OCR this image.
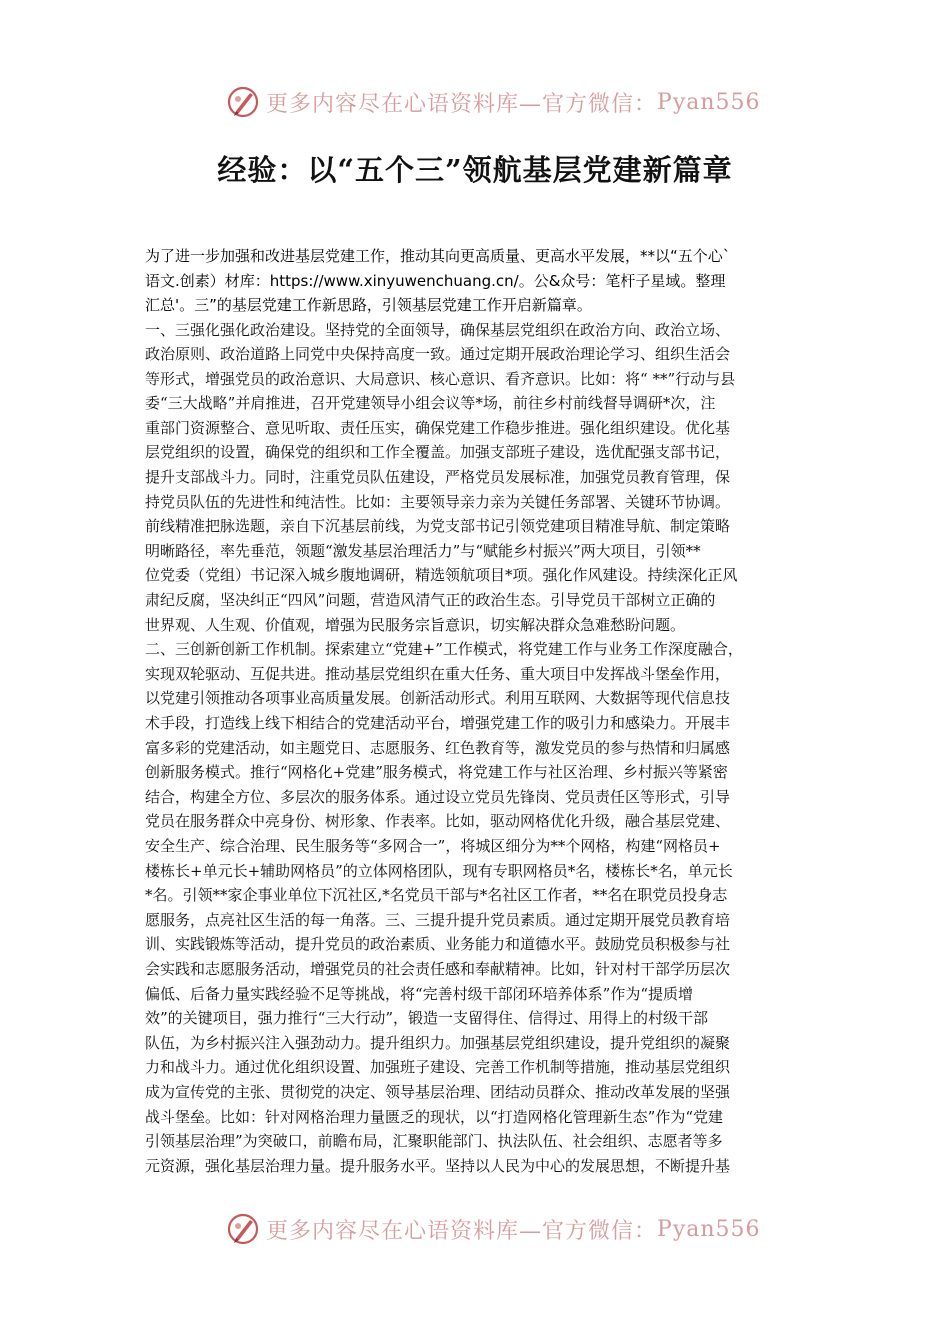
更多内容尽在心语资料库—官方微信： Pyan556
经验：以“五个三”领航基层党建新篇章

为了进一步加强和改进基层党建工作，推动其向更高质量、更高水平发展，**以“五个心`
语文.创素）材库：https://www.xinyuwenchuang.cn/。公&众号：笔杆子星域。整理
汇总'。三”的基层党建工作新思路，引领基层党建工作开启新篇章。

一、三强化强化政治建设。坚持党的全面领导，确保基层党组织在政治方向、政治立场、
政治原则、政治道路上同党中央保持高度一致。通过定期开展政治理论学习、组织生活会
等形式，增强党员的政治意识、大局意识、核心意识、看齐意识。比如：将“ **”行动与县
委“三大战略”并肩推进，召开党建领导小组会议等*场，前往乡村前线督导调研*次，注
重部门资源整合、意见听取、责任压实，确保党建工作稳步推进。强化组织建设。优化基
层党组织的设置，确保党的组织和工作全覆盖。加强支部班子建设，选优配强支部书记，
提升支部战斗力。同时，注重党员队伍建设，严格党员发展标准，加强党员教育管理，保
持党员队伍的先进性和纯洁性。比如：主要领导亲力亲为关键任务部署、关键环节协调。
前线精准把脉选题，亲自下沉基层前线，为党支部书记引领党建项目精准导航、制定策略
明晰路径，率先垂范，领题“激发基层治理活力”与“赋能乡村振兴”两大项目，引领**
位党委（党组）书记深入城乡腹地调研，精选领航项目*项。强化作风建设。持续深化正风
肃纪反腐，坚决纠正“四风”问题，营造风清气正的政治生态。引导党员干部树立正确的
世界观、人生观、价值观，增强为民服务宗旨意识，切实解决群众急难愁盼问题。

二、三创新创新工作机制。探索建立“党建+”工作模式，将党建工作与业务工作深度融合，
实现双轮驱动、互促共进。推动基层党组织在重大任务、重大项目中发挥战斗堡垒作用，
以党建引领推动各项事业高质量发展。创新活动形式。利用互联网、大数据等现代信息技
术手段，打造线上线下相结合的党建活动平台，增强党建工作的吸引力和感染力。开展丰
富多彩的党建活动，如主题党日、志愿服务、红色教育等，激发党员的参与热情和归属感
创新服务模式。推行“网格化+党建”服务模式，将党建工作与社区治理、乡村振兴等紧密
结合，构建全方位、多层次的服务体系。通过设立党员先锋岗、党员责任区等形式，引导
党员在服务群众中亮身份、树形象、作表率。比如，驱动网格优化升级，融合基层党建、
安全生产、综合治理、民生服务等“多网合一”，将城区细分为**个网格，构建“网格员+
楼栋长+单元长+辅助网格员”的立体网格团队，现有专职网格员*名，楼栋长*名，单元长
*名。引领**家企事业单位下沉社区,*名党员干部与*名社区工作者，**名在职党员投身志
愿服务，点亮社区生活的每一角落。三、三提升提升党员素质。通过定期开展党员教育培
训、实践锻炼等活动，提升党员的政治素质、业务能力和道德水平。鼓励党员积极参与社
会实践和志愿服务活动，增强党员的社会责任感和奉献精神。比如，针对村干部学历层次
偏低、后备力量实践经验不足等挑战，将“完善村级干部闭环培养体系”作为“提质增
效”的关键项目，强力推行“三大行动”，锻造一支留得住、信得过、用得上的村级干部
队伍，为乡村振兴注入强劲动力。提升组织力。加强基层党组织建设，提升党组织的凝聚
力和战斗力。通过优化组织设置、加强班子建设、完善工作机制等措施，推动基层党组织
成为宣传党的主张、贯彻党的决定、领导基层治理、团结动员群众、推动改革发展的坚强
战斗堡垒。比如：针对网格治理力量匮乏的现状，以“打造网格化管理新生态”作为“党建
引领基层治理”为突破口，前瞻布局，汇聚职能部门、执法队伍、社会组织、志愿者等多
元资源，强化基层治理力量。提升服务水平。坚持以人民为中心的发展思想，不断提升基

更多内容尽在心语资料库—官方微信： Pyan556
